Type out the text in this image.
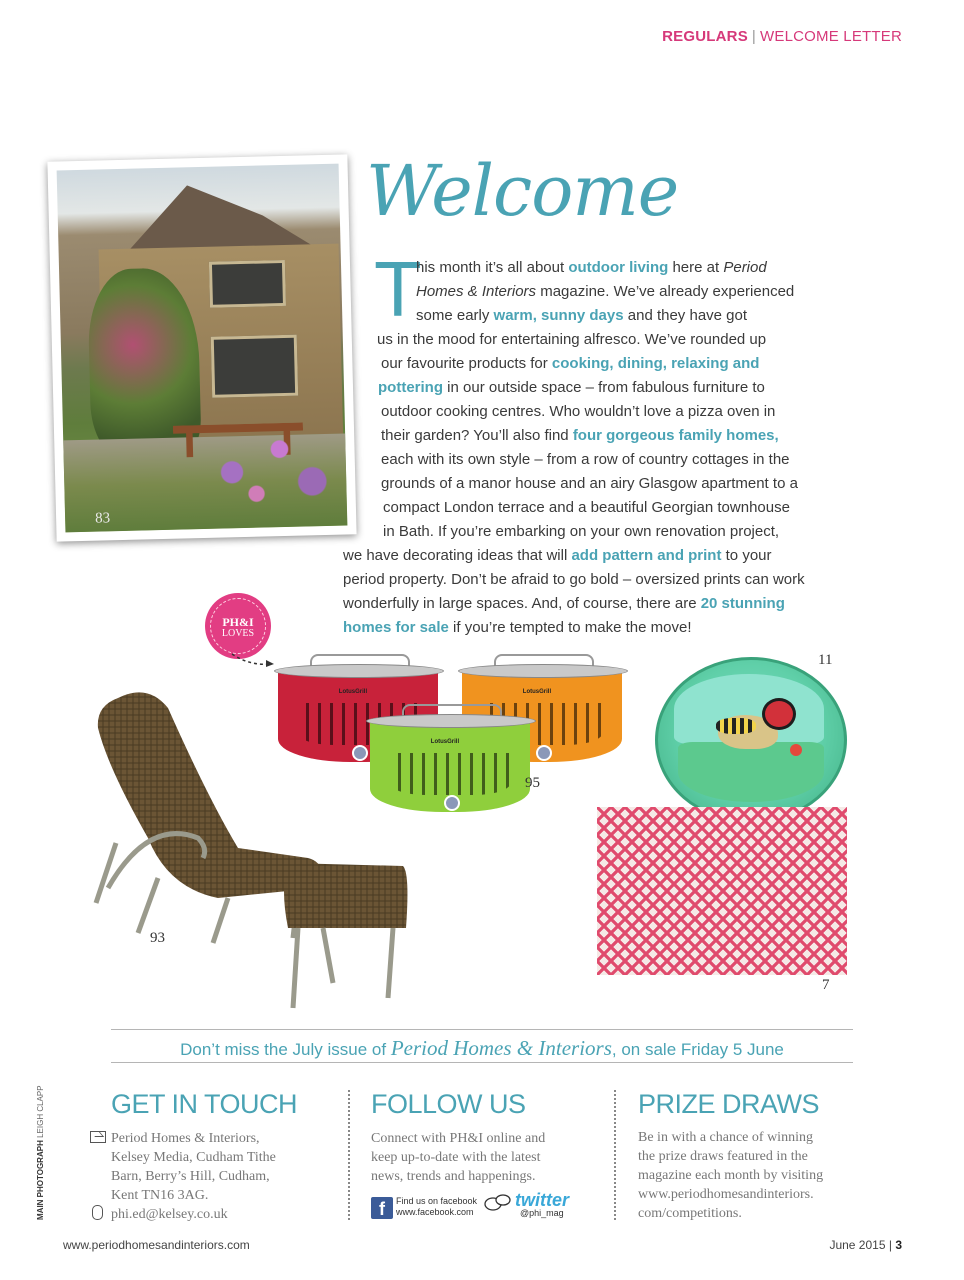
REGULARS | WELCOME LETTER
83
Welcome
T
his month it’s all about outdoor living here at Period
Homes & Interiors magazine. We’ve already experienced
some early warm, sunny days and they have got
us in the mood for entertaining alfresco. We’ve rounded up
our favourite products for cooking, dining, relaxing and
pottering in our outside space – from fabulous furniture to
outdoor cooking centres. Who wouldn’t love a pizza oven in
their garden? You’ll also find four gorgeous family homes,
each with its own style – from a row of country cottages in the
grounds of a manor house and an airy Glasgow apartment to a
compact London terrace and a beautiful Georgian townhouse
in Bath. If you’re embarking on your own renovation project,
we have decorating ideas that will add pattern and print to your
period property. Don’t be afraid to go bold – oversized prints can work
wonderfully in large spaces. And, of course, there are 20 stunning
homes for sale if you’re tempted to make the move!
PH&I
LOVES
93
LotusGrill	LotusGrill
LotusGrill
95
11
7
Don’t miss the July issue of Period Homes & Interiors, on sale Friday 5 June
MAIN PHOTOGRAPH LEIGH CLAPP GET IN TOUCH
Period Homes & Interiors,
Kelsey Media, Cudham Tithe
Barn, Berry’s Hill, Cudham,
Kent TN16 3AG.
phi.ed@kelsey.co.uk
FOLLOW US
Connect with PH&I online and
keep up-to-date with the latest
news, trends and happenings.
f	Find us on facebook
www.facebook.com
twitter
@phi_mag
PRIZE DRAWS
Be in with a chance of winning
the prize draws featured in the
magazine each month by visiting
www.periodhomesandinteriors.
com/competitions.
www.periodhomesandinteriors.com	June 2015 | 3
